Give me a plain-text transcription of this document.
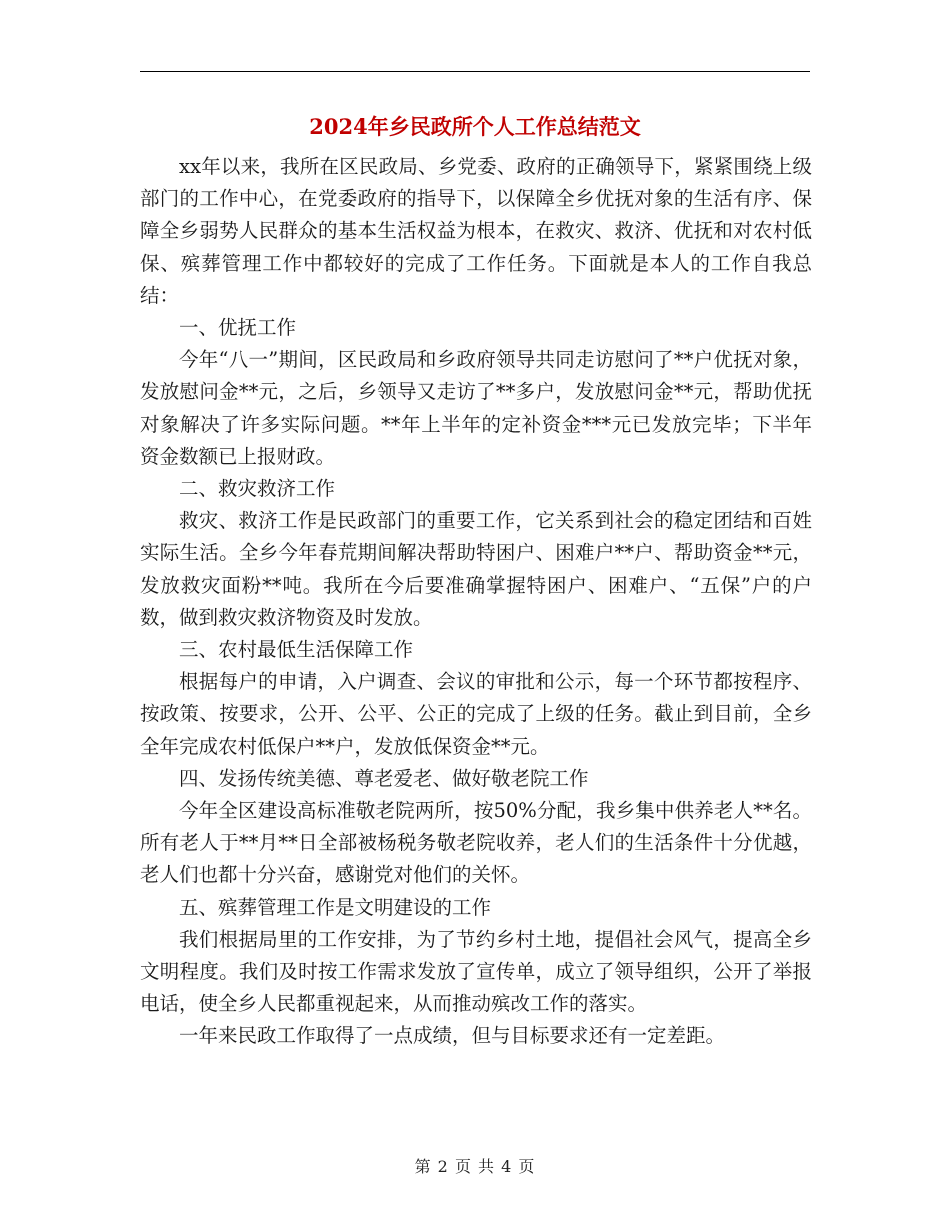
2024年乡民政所个人工作总结范文

xx年以来，我所在区民政局、乡党委、政府的正确领导下，紧紧围绕上级部门的工作中心，在党委政府的指导下，以保障全乡优抚对象的生活有序、保障全乡弱势人民群众的基本生活权益为根本，在救灾、救济、优抚和对农村低保、殡葬管理工作中都较好的完成了工作任务。下面就是本人的工作自我总结：

一、优抚工作

今年“八一”期间，区民政局和乡政府领导共同走访慰问了**户优抚对象，发放慰问金**元，之后，乡领导又走访了**多户，发放慰问金**元，帮助优抚对象解决了许多实际问题。**年上半年的定补资金***元已发放完毕；下半年资金数额已上报财政。

二、救灾救济工作

救灾、救济工作是民政部门的重要工作，它关系到社会的稳定团结和百姓实际生活。全乡今年春荒期间解决帮助特困户、困难户**户、帮助资金**元，发放救灾面粉**吨。我所在今后要准确掌握特困户、困难户、“五保”户的户数，做到救灾救济物资及时发放。

三、农村最低生活保障工作

根据每户的申请，入户调查、会议的审批和公示，每一个环节都按程序、按政策、按要求，公开、公平、公正的完成了上级的任务。截止到目前，全乡全年完成农村低保户**户，发放低保资金**元。

四、发扬传统美德、尊老爱老、做好敬老院工作

今年全区建设高标准敬老院两所，按50%分配，我乡集中供养老人**名。所有老人于**月**日全部被杨税务敬老院收养，老人们的生活条件十分优越，老人们也都十分兴奋，感谢党对他们的关怀。

五、殡葬管理工作是文明建设的工作

我们根据局里的工作安排，为了节约乡村土地，提倡社会风气，提高全乡文明程度。我们及时按工作需求发放了宣传单，成立了领导组织，公开了举报电话，使全乡人民都重视起来，从而推动殡改工作的落实。

一年来民政工作取得了一点成绩，但与目标要求还有一定差距。

第 2 页 共 4 页
